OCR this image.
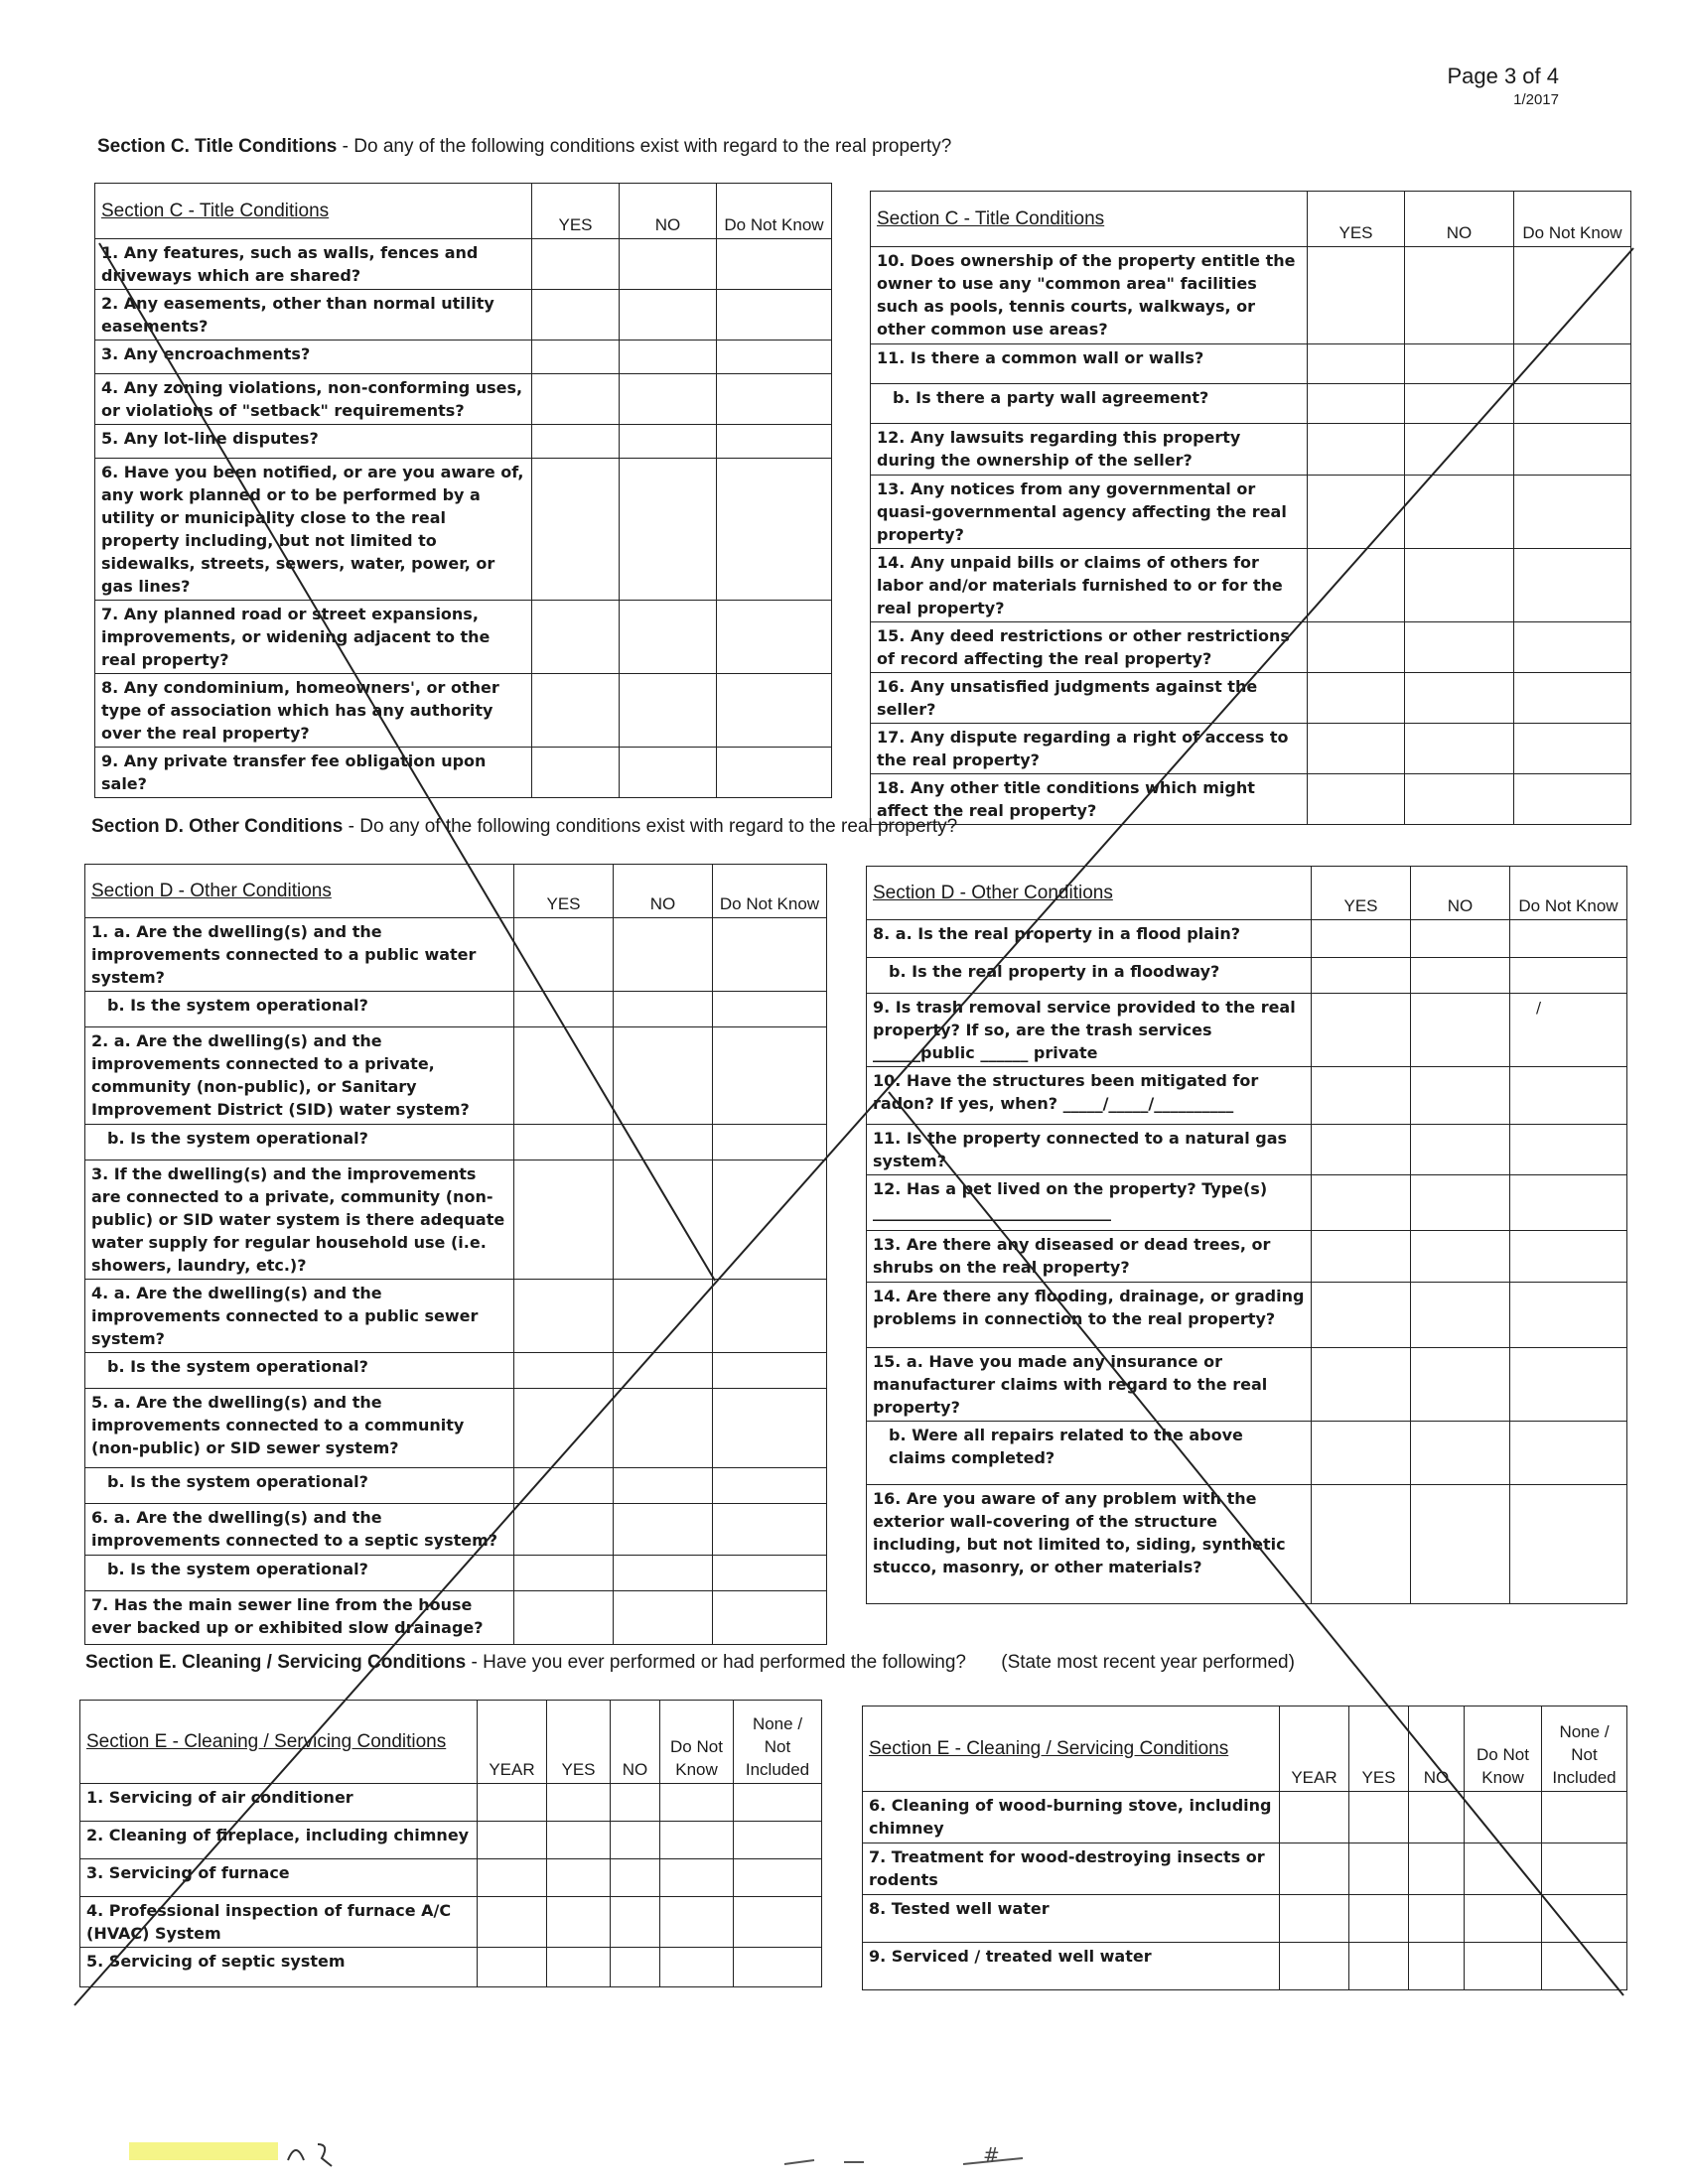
Page 3 of 4
1/2017
Section C. Title Conditions - Do any of the following conditions exist with regard to the real property?
Section C - Title Conditions	YES	NO	Do Not Know
1. Any features, such as walls, fences and driveways which are shared?			
2. Any easements, other than normal utility easements?			
3. Any encroachments?			
4. Any zoning violations, non-conforming uses, or violations of "setback" requirements?			
5. Any lot-line disputes?			
6. Have you been notified, or are you aware of, any work planned or to be performed by a utility or municipality close to the real property including, but not limited to sidewalks, streets, sewers, water, power, or gas lines?			
7. Any planned road or street expansions, improvements, or widening adjacent to the real property?			
8. Any condominium, homeowners', or other type of association which has any authority over the real property?			
9. Any private transfer fee obligation upon sale?			
Section C - Title Conditions	YES	NO	Do Not Know
10. Does ownership of the property entitle the owner to use any "common area" facilities such as pools, tennis courts, walkways, or other common use areas?			
11. Is there a common wall or walls?			
b. Is there a party wall agreement?			
12. Any lawsuits regarding this property during the ownership of the seller?			
13. Any notices from any governmental or quasi-governmental agency affecting the real property?			
14. Any unpaid bills or claims of others for labor and/or materials furnished to or for the real property?			
15. Any deed restrictions or other restrictions of record affecting the real property?			
16. Any unsatisfied judgments against the seller?			
17. Any dispute regarding a right of access to the real property?			
18. Any other title conditions which might affect the real property?			
Section D. Other Conditions - Do any of the following conditions exist with regard to the real property?
Section D - Other Conditions	YES	NO	Do Not Know
1. a. Are the dwelling(s) and the improvements connected to a public water system?			
b. Is the system operational?			
2. a. Are the dwelling(s) and the improvements connected to a private, community (non-public), or Sanitary Improvement District (SID) water system?			
b. Is the system operational?			
3. If the dwelling(s) and the improvements are connected to a private, community (non-public) or SID water system is there adequate water supply for regular household use (i.e. showers, laundry, etc.)?			
4. a. Are the dwelling(s) and the improvements connected to a public sewer system?			
b. Is the system operational?			
5. a. Are the dwelling(s) and the improvements connected to a community (non-public) or SID sewer system?			
b. Is the system operational?			
6. a. Are the dwelling(s) and the improvements connected to a septic system?			
b. Is the system operational?			
7. Has the main sewer line from the house ever backed up or exhibited slow drainage?			
Section D - Other Conditions	YES	NO	Do Not Know
8. a. Is the real property in a flood plain?			
b. Is the real property in a floodway?			
9. Is trash removal service provided to the real property? If so, are the trash services ______public ______ private			/
10. Have the structures been mitigated for radon? If yes, when? _____/_____/__________			
11. Is the property connected to a natural gas system?			
12. Has a pet lived on the property? Type(s) ______________________________			
13. Are there any diseased or dead trees, or shrubs on the real property?			
14. Are there any flooding, drainage, or grading problems in connection to the real property?			
15. a. Have you made any insurance or manufacturer claims with regard to the real property?			
b. Were all repairs related to the above claims completed?			
16. Are you aware of any problem with the exterior wall-covering of the structure including, but not limited to, siding, synthetic stucco, masonry, or other materials?			
Section E. Cleaning / Servicing Conditions - Have you ever performed or had performed the following? (State most recent year performed)
Section E - Cleaning / Servicing Conditions	YEAR	YES	NO	Do Not Know	None / Not Included
1. Servicing of air conditioner					
2. Cleaning of fireplace, including chimney					
3. Servicing of furnace					
4. Professional inspection of furnace A/C (HVAC) System					
5. Servicing of septic system					
Section E - Cleaning / Servicing Conditions	YEAR	YES	NO	Do Not Know	None / Not Included
6. Cleaning of wood-burning stove, including chimney					
7. Treatment for wood-destroying insects or rodents					
8. Tested well water					
9. Serviced / treated well water					
#
